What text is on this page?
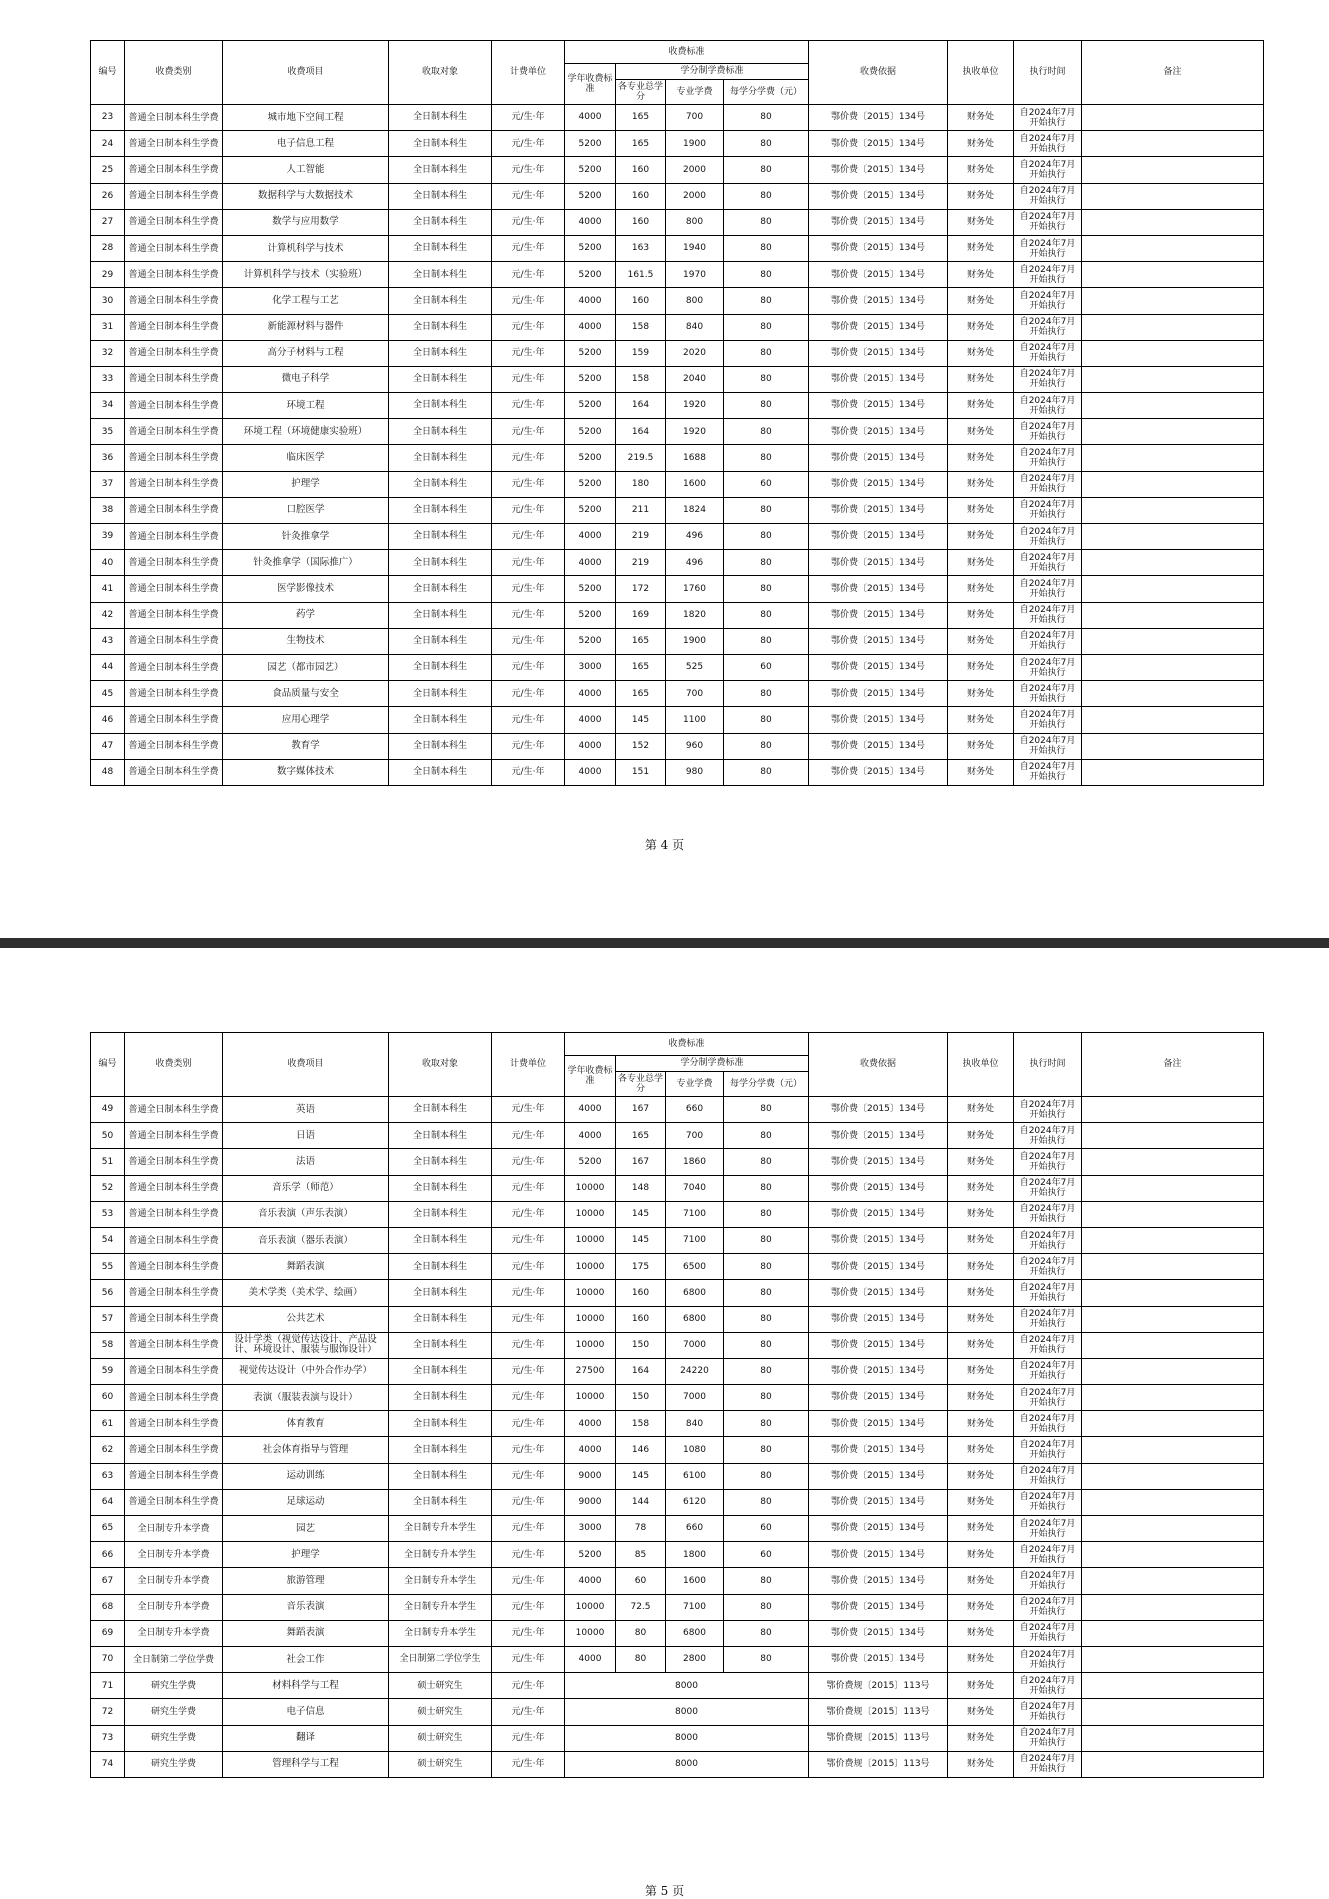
编号	收费类别	收费项目	收取对象	计费单位	收费标准				收费依据	执收单位	执行时间	备注
					学年收费标准	学分制学费标准						
						各专业总学分	专业学费	每学分学费（元）				
23	普通全日制本科生学费	城市地下空间工程	全日制本科生	元/生·年	4000	165	700	80	鄂价费〔2015〕134号	财务处	自2024年7月开始执行	
24	普通全日制本科生学费	电子信息工程	全日制本科生	元/生·年	5200	165	1900	80	鄂价费〔2015〕134号	财务处	自2024年7月开始执行	
25	普通全日制本科生学费	人工智能	全日制本科生	元/生·年	5200	160	2000	80	鄂价费〔2015〕134号	财务处	自2024年7月开始执行	
26	普通全日制本科生学费	数据科学与大数据技术	全日制本科生	元/生·年	5200	160	2000	80	鄂价费〔2015〕134号	财务处	自2024年7月开始执行	
27	普通全日制本科生学费	数学与应用数学	全日制本科生	元/生·年	4000	160	800	80	鄂价费〔2015〕134号	财务处	自2024年7月开始执行	
28	普通全日制本科生学费	计算机科学与技术	全日制本科生	元/生·年	5200	163	1940	80	鄂价费〔2015〕134号	财务处	自2024年7月开始执行	
29	普通全日制本科生学费	计算机科学与技术（实验班）	全日制本科生	元/生·年	5200	161.5	1970	80	鄂价费〔2015〕134号	财务处	自2024年7月开始执行	
30	普通全日制本科生学费	化学工程与工艺	全日制本科生	元/生·年	4000	160	800	80	鄂价费〔2015〕134号	财务处	自2024年7月开始执行	
31	普通全日制本科生学费	新能源材料与器件	全日制本科生	元/生·年	4000	158	840	80	鄂价费〔2015〕134号	财务处	自2024年7月开始执行	
32	普通全日制本科生学费	高分子材料与工程	全日制本科生	元/生·年	5200	159	2020	80	鄂价费〔2015〕134号	财务处	自2024年7月开始执行	
33	普通全日制本科生学费	微电子科学	全日制本科生	元/生·年	5200	158	2040	80	鄂价费〔2015〕134号	财务处	自2024年7月开始执行	
34	普通全日制本科生学费	环境工程	全日制本科生	元/生·年	5200	164	1920	80	鄂价费〔2015〕134号	财务处	自2024年7月开始执行	
35	普通全日制本科生学费	环境工程（环境健康实验班）	全日制本科生	元/生·年	5200	164	1920	80	鄂价费〔2015〕134号	财务处	自2024年7月开始执行	
36	普通全日制本科生学费	临床医学	全日制本科生	元/生·年	5200	219.5	1688	80	鄂价费〔2015〕134号	财务处	自2024年7月开始执行	
37	普通全日制本科生学费	护理学	全日制本科生	元/生·年	5200	180	1600	60	鄂价费〔2015〕134号	财务处	自2024年7月开始执行	
38	普通全日制本科生学费	口腔医学	全日制本科生	元/生·年	5200	211	1824	80	鄂价费〔2015〕134号	财务处	自2024年7月开始执行	
39	普通全日制本科生学费	针灸推拿学	全日制本科生	元/生·年	4000	219	496	80	鄂价费〔2015〕134号	财务处	自2024年7月开始执行	
40	普通全日制本科生学费	针灸推拿学（国际推广）	全日制本科生	元/生·年	4000	219	496	80	鄂价费〔2015〕134号	财务处	自2024年7月开始执行	
41	普通全日制本科生学费	医学影像技术	全日制本科生	元/生·年	5200	172	1760	80	鄂价费〔2015〕134号	财务处	自2024年7月开始执行	
42	普通全日制本科生学费	药学	全日制本科生	元/生·年	5200	169	1820	80	鄂价费〔2015〕134号	财务处	自2024年7月开始执行	
43	普通全日制本科生学费	生物技术	全日制本科生	元/生·年	5200	165	1900	80	鄂价费〔2015〕134号	财务处	自2024年7月开始执行	
44	普通全日制本科生学费	园艺（都市园艺）	全日制本科生	元/生·年	3000	165	525	60	鄂价费〔2015〕134号	财务处	自2024年7月开始执行	
45	普通全日制本科生学费	食品质量与安全	全日制本科生	元/生·年	4000	165	700	80	鄂价费〔2015〕134号	财务处	自2024年7月开始执行	
46	普通全日制本科生学费	应用心理学	全日制本科生	元/生·年	4000	145	1100	80	鄂价费〔2015〕134号	财务处	自2024年7月开始执行	
47	普通全日制本科生学费	教育学	全日制本科生	元/生·年	4000	152	960	80	鄂价费〔2015〕134号	财务处	自2024年7月开始执行	
48	普通全日制本科生学费	数字媒体技术	全日制本科生	元/生·年	4000	151	980	80	鄂价费〔2015〕134号	财务处	自2024年7月开始执行	
第 4 页
编号	收费类别	收费项目	收取对象	计费单位	收费标准				收费依据	执收单位	执行时间	备注
					学年收费标准	学分制学费标准						
						各专业总学分	专业学费	每学分学费（元）				
49	普通全日制本科生学费	英语	全日制本科生	元/生·年	4000	167	660	80	鄂价费〔2015〕134号	财务处	自2024年7月开始执行	
50	普通全日制本科生学费	日语	全日制本科生	元/生·年	4000	165	700	80	鄂价费〔2015〕134号	财务处	自2024年7月开始执行	
51	普通全日制本科生学费	法语	全日制本科生	元/生·年	5200	167	1860	80	鄂价费〔2015〕134号	财务处	自2024年7月开始执行	
52	普通全日制本科生学费	音乐学（师范）	全日制本科生	元/生·年	10000	148	7040	80	鄂价费〔2015〕134号	财务处	自2024年7月开始执行	
53	普通全日制本科生学费	音乐表演（声乐表演）	全日制本科生	元/生·年	10000	145	7100	80	鄂价费〔2015〕134号	财务处	自2024年7月开始执行	
54	普通全日制本科生学费	音乐表演（器乐表演）	全日制本科生	元/生·年	10000	145	7100	80	鄂价费〔2015〕134号	财务处	自2024年7月开始执行	
55	普通全日制本科生学费	舞蹈表演	全日制本科生	元/生·年	10000	175	6500	80	鄂价费〔2015〕134号	财务处	自2024年7月开始执行	
56	普通全日制本科生学费	美术学类（美术学、绘画）	全日制本科生	元/生·年	10000	160	6800	80	鄂价费〔2015〕134号	财务处	自2024年7月开始执行	
57	普通全日制本科生学费	公共艺术	全日制本科生	元/生·年	10000	160	6800	80	鄂价费〔2015〕134号	财务处	自2024年7月开始执行	
58	普通全日制本科生学费	设计学类（视觉传达设计、产品设计、环境设计、服装与服饰设计）	全日制本科生	元/生·年	10000	150	7000	80	鄂价费〔2015〕134号	财务处	自2024年7月开始执行	
59	普通全日制本科生学费	视觉传达设计（中外合作办学）	全日制本科生	元/生·年	27500	164	24220	80	鄂价费〔2015〕134号	财务处	自2024年7月开始执行	
60	普通全日制本科生学费	表演（服装表演与设计）	全日制本科生	元/生·年	10000	150	7000	80	鄂价费〔2015〕134号	财务处	自2024年7月开始执行	
61	普通全日制本科生学费	体育教育	全日制本科生	元/生·年	4000	158	840	80	鄂价费〔2015〕134号	财务处	自2024年7月开始执行	
62	普通全日制本科生学费	社会体育指导与管理	全日制本科生	元/生·年	4000	146	1080	80	鄂价费〔2015〕134号	财务处	自2024年7月开始执行	
63	普通全日制本科生学费	运动训练	全日制本科生	元/生·年	9000	145	6100	80	鄂价费〔2015〕134号	财务处	自2024年7月开始执行	
64	普通全日制本科生学费	足球运动	全日制本科生	元/生·年	9000	144	6120	80	鄂价费〔2015〕134号	财务处	自2024年7月开始执行	
65	全日制专升本学费	园艺	全日制专升本学生	元/生·年	3000	78	660	60	鄂价费〔2015〕134号	财务处	自2024年7月开始执行	
66	全日制专升本学费	护理学	全日制专升本学生	元/生·年	5200	85	1800	60	鄂价费〔2015〕134号	财务处	自2024年7月开始执行	
67	全日制专升本学费	旅游管理	全日制专升本学生	元/生·年	4000	60	1600	80	鄂价费〔2015〕134号	财务处	自2024年7月开始执行	
68	全日制专升本学费	音乐表演	全日制专升本学生	元/生·年	10000	72.5	7100	80	鄂价费〔2015〕134号	财务处	自2024年7月开始执行	
69	全日制专升本学费	舞蹈表演	全日制专升本学生	元/生·年	10000	80	6800	80	鄂价费〔2015〕134号	财务处	自2024年7月开始执行	
70	全日制第二学位学费	社会工作	全日制第二学位学生	元/生·年	4000	80	2800	80	鄂价费〔2015〕134号	财务处	自2024年7月开始执行	
71	研究生学费	材料科学与工程	硕士研究生	元/生·年	8000				鄂价费规〔2015〕113号	财务处	自2024年7月开始执行	
72	研究生学费	电子信息	硕士研究生	元/生·年	8000				鄂价费规〔2015〕113号	财务处	自2024年7月开始执行	
73	研究生学费	翻译	硕士研究生	元/生·年	8000				鄂价费规〔2015〕113号	财务处	自2024年7月开始执行	
74	研究生学费	管理科学与工程	硕士研究生	元/生·年	8000				鄂价费规〔2015〕113号	财务处	自2024年7月开始执行	
第 5 页
